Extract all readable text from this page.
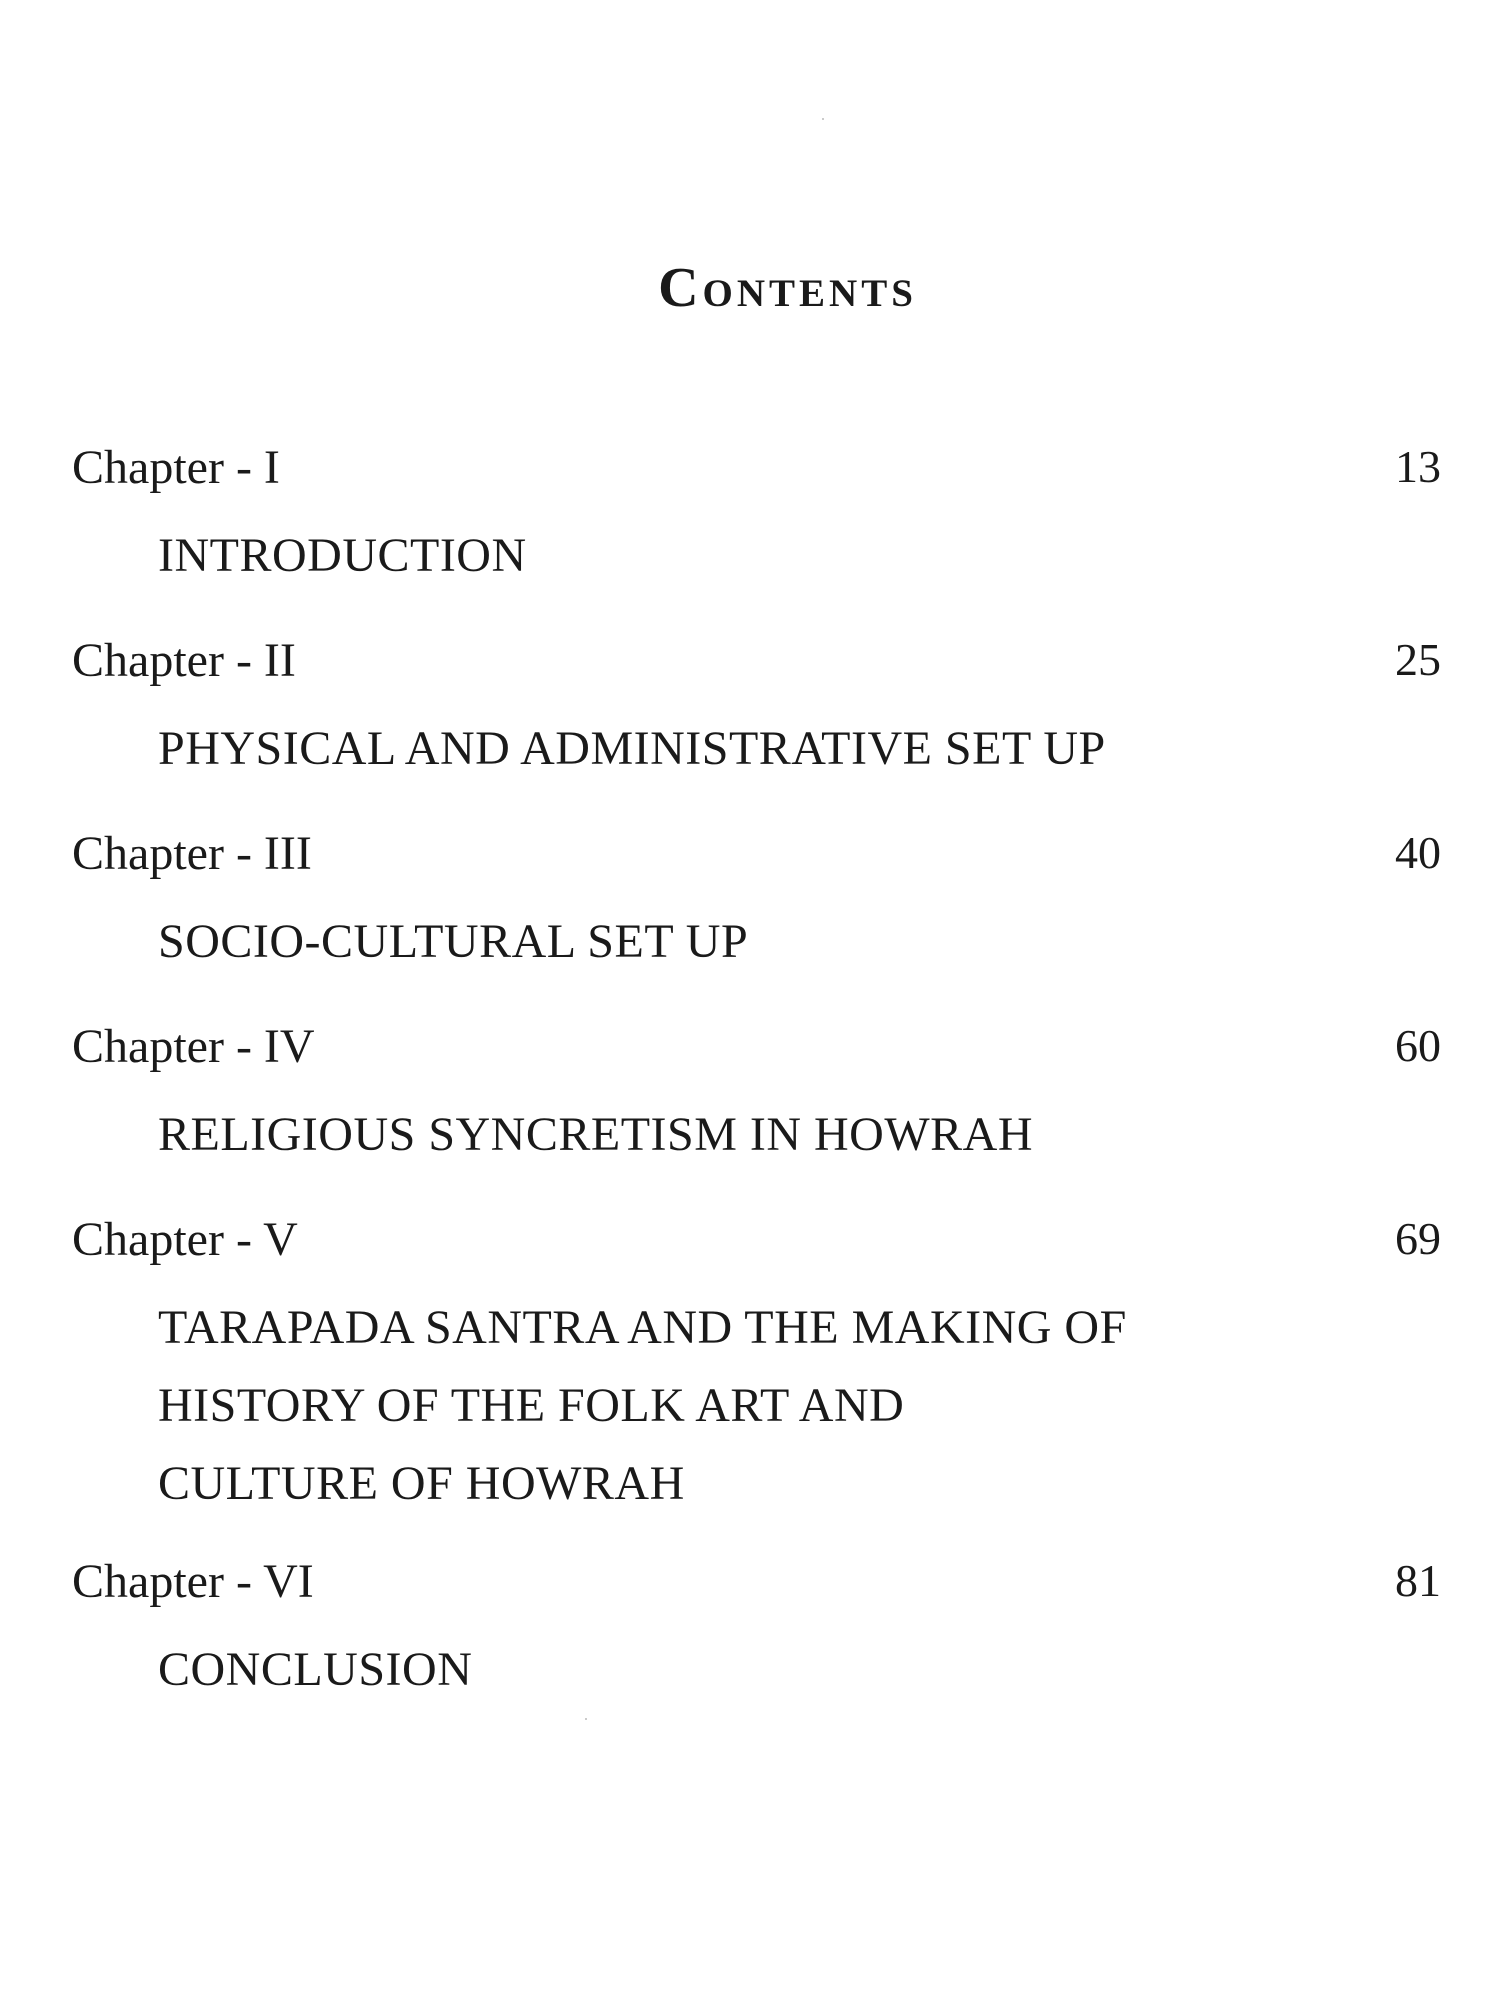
Contents
Chapter - I	13
INTRODUCTION
Chapter - II	25
PHYSICAL AND ADMINISTRATIVE SET UP
Chapter - III	40
SOCIO-CULTURAL SET UP
Chapter - IV	60
RELIGIOUS SYNCRETISM IN HOWRAH
Chapter - V	69
TARAPADA SANTRA AND THE MAKING OF
HISTORY OF THE FOLK ART AND
CULTURE OF HOWRAH
Chapter - VI	81
CONCLUSION
